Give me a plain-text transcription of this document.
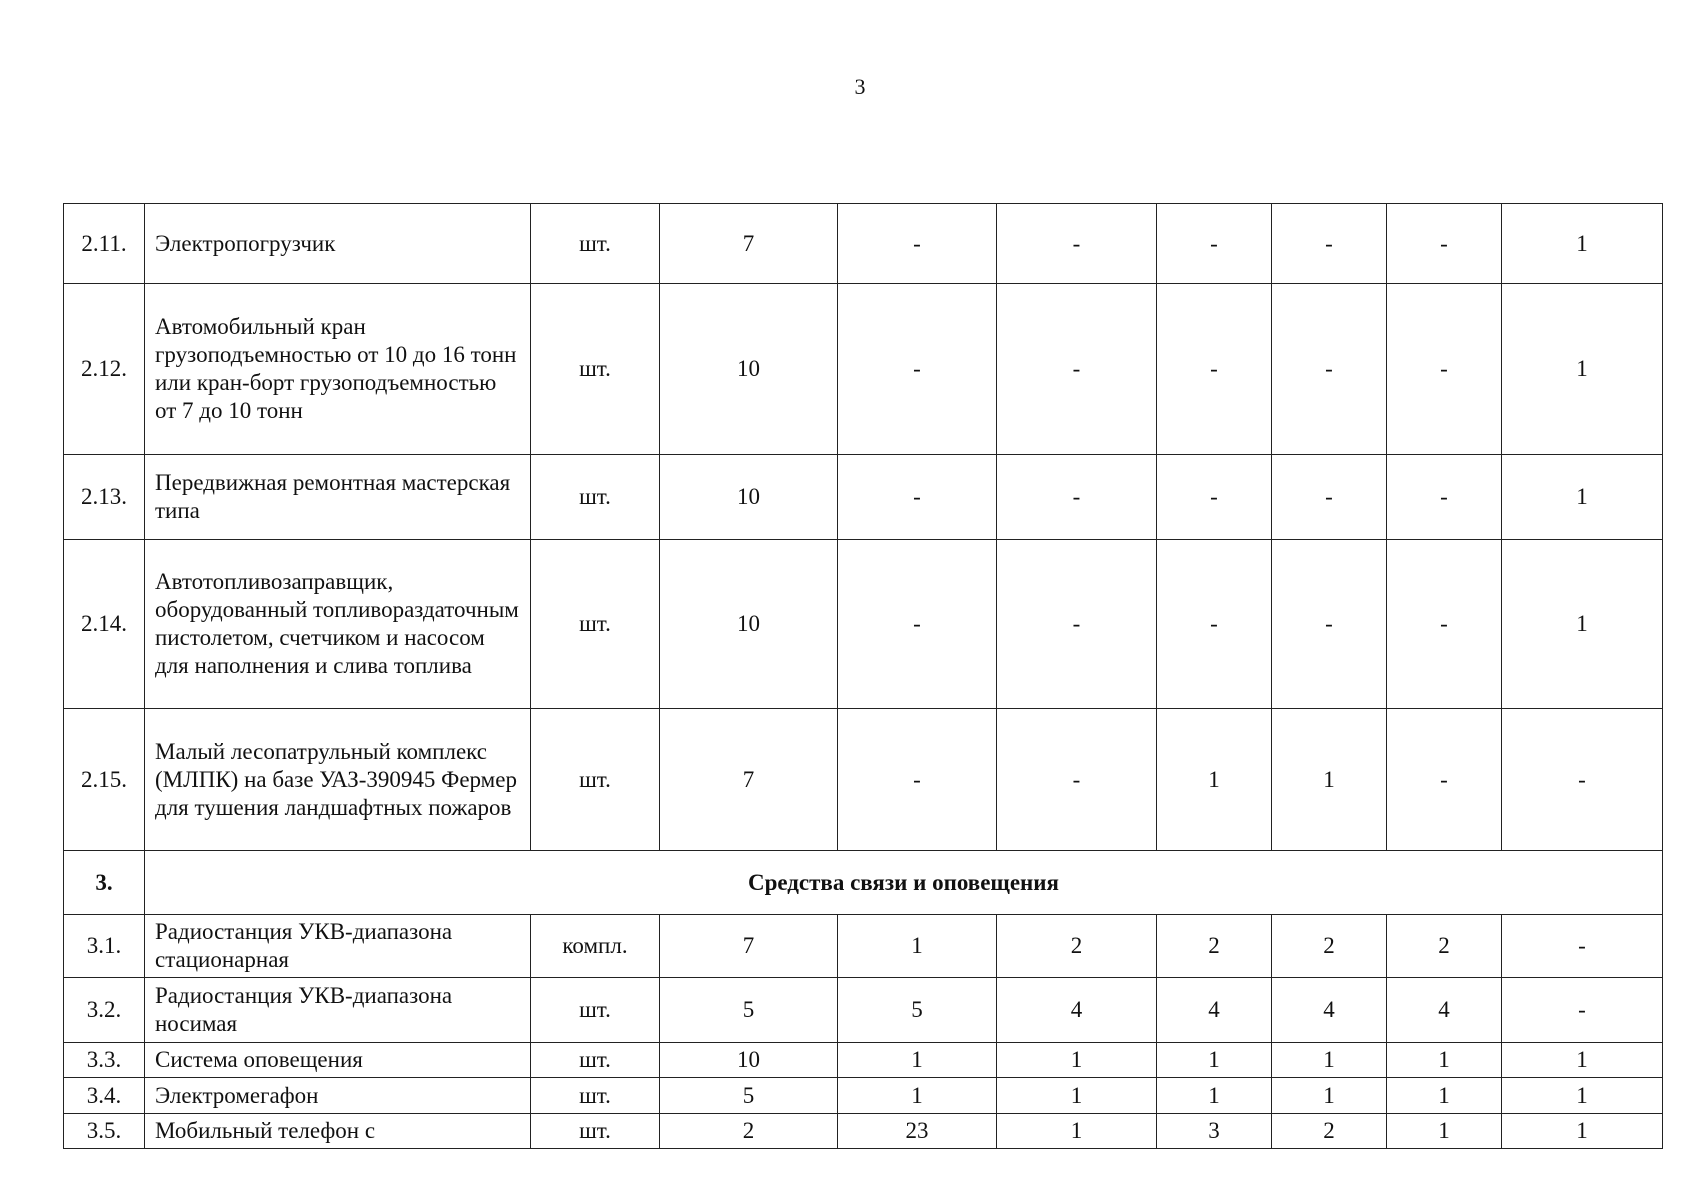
3
2.11.	Электропогрузчик	шт.	7	-	-	-	-	-	1
2.12.	Автомобильный кран грузоподъемностью от 10 до 16 тонн или кран-борт грузоподъемностью от 7 до 10 тонн	шт.	10	-	-	-	-	-	1
2.13.	Передвижная ремонтная мастерская типа	шт.	10	-	-	-	-	-	1
2.14.	Автотопливозаправщик, оборудованный топливораздаточным пистолетом, счетчиком и насосом для наполнения и слива топлива	шт.	10	-	-	-	-	-	1
2.15.	Малый лесопатрульный комплекс (МЛПК) на базе УАЗ-390945 Фермер для тушения ландшафтных пожаров	шт.	7	-	-	1	1	-	-
3.	Средства связи и оповещения								
3.1.	Радиостанция УКВ-диапазона стационарная	компл.	7	1	2	2	2	2	-
3.2.	Радиостанция УКВ-диапазона носимая	шт.	5	5	4	4	4	4	-
3.3.	Система оповещения	шт.	10	1	1	1	1	1	1
3.4.	Электромегафон	шт.	5	1	1	1	1	1	1
3.5.	Мобильный телефон с	шт.	2	23	1	3	2	1	1
